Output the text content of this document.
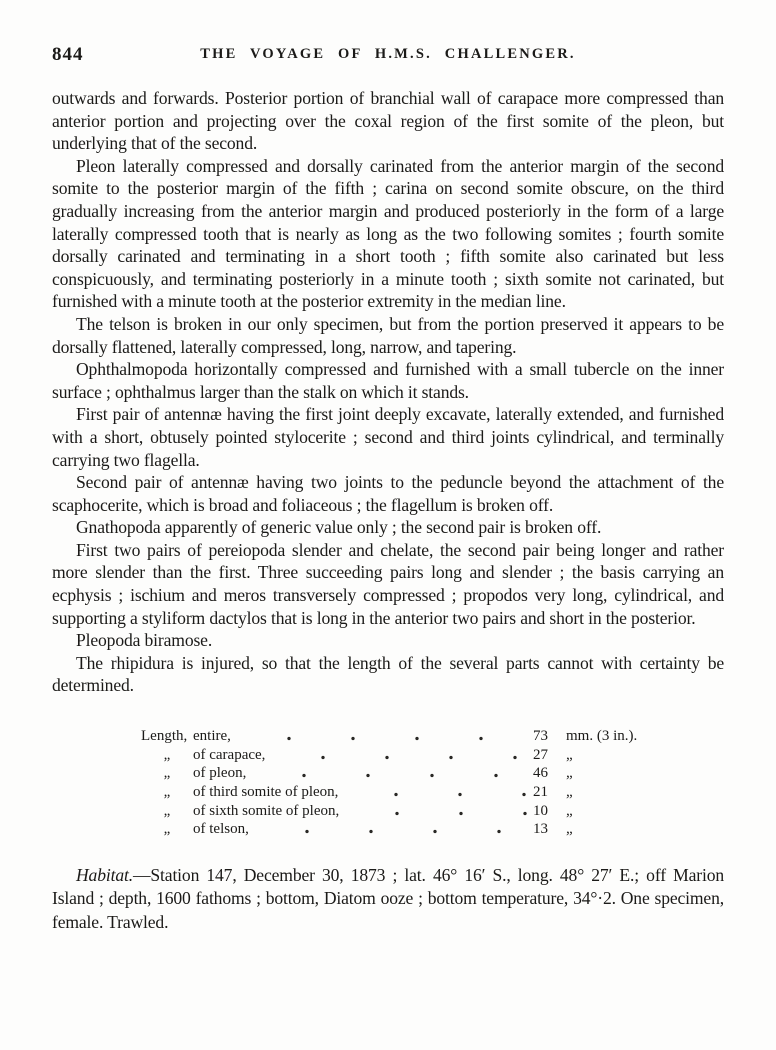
844	THE VOYAGE OF H.M.S. CHALLENGER.

outwards and forwards. Posterior portion of branchial wall of carapace more compressed than anterior portion and projecting over the coxal region of the first somite of the pleon, but underlying that of the second.

Pleon laterally compressed and dorsally carinated from the anterior margin of the second somite to the posterior margin of the fifth ; carina on second somite obscure, on the third gradually increasing from the anterior margin and produced posteriorly in the form of a large laterally compressed tooth that is nearly as long as the two following somites ; fourth somite dorsally carinated and terminating in a short tooth ; fifth somite also carinated but less conspicuously, and terminating posteriorly in a minute tooth ; sixth somite not carinated, but furnished with a minute tooth at the posterior extremity in the median line.

The telson is broken in our only specimen, but from the portion preserved it appears to be dorsally flattened, laterally compressed, long, narrow, and tapering.

Ophthalmopoda horizontally compressed and furnished with a small tubercle on the inner surface ; ophthalmus larger than the stalk on which it stands.

First pair of antennæ having the first joint deeply excavate, laterally extended, and furnished with a short, obtusely pointed stylocerite ; second and third joints cylindrical, and terminally carrying two flagella.

Second pair of antennæ having two joints to the peduncle beyond the attachment of the scaphocerite, which is broad and foliaceous ; the flagellum is broken off.

Gnathopoda apparently of generic value only ; the second pair is broken off.

First two pairs of pereiopoda slender and chelate, the second pair being longer and rather more slender than the first. Three succeeding pairs long and slender ; the basis carrying an ecphysis ; ischium and meros transversely compressed ; propodos very long, cylindrical, and supporting a styliform dactylos that is long in the anterior two pairs and short in the posterior.

Pleopoda biramose.

The rhipidura is injured, so that the length of the several parts cannot with certainty be determined.

Length, entire,	73	mm. (3 in.).
„	of carapace,	27	„
„	of pleon,	46	„
„	of third somite of pleon,	21	„
„	of sixth somite of pleon,	10	„
„	of telson,	13	„

Habitat.—Station 147, December 30, 1873 ; lat. 46° 16′ S., long. 48° 27′ E.; off Marion Island ; depth, 1600 fathoms ; bottom, Diatom ooze ; bottom temperature, 34°·2. One specimen, female. Trawled.
